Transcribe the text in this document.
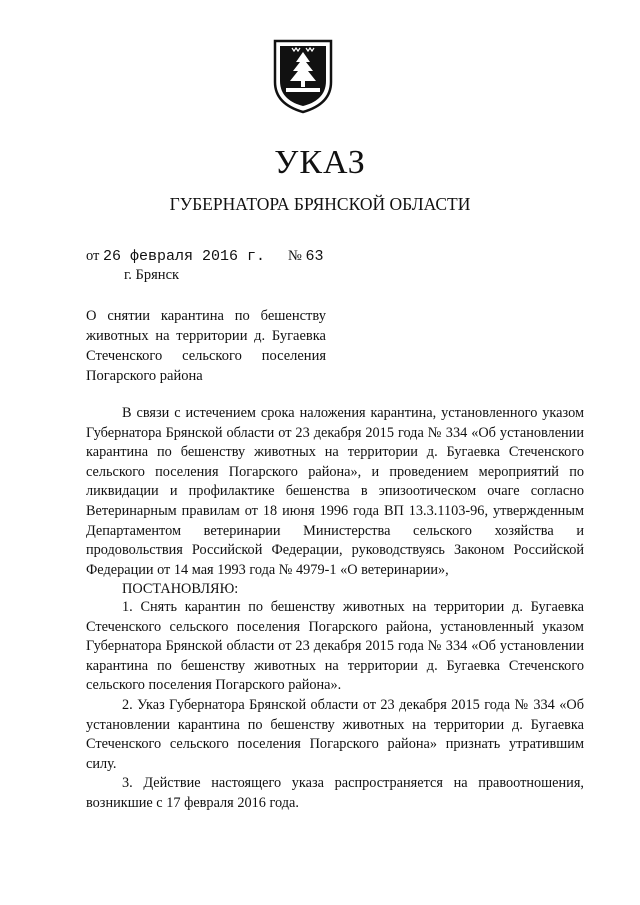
УКАЗ
ГУБЕРНАТОРА БРЯНСКОЙ ОБЛАСТИ
от 26 февраля 2016 г. № 63
г. Брянск
О снятии карантина по бешенству животных на территории д. Бугаевка Стеченского сельского поселения Погарского района

В связи с истечением срока наложения карантина, установленного указом Губернатора Брянской области от 23 декабря 2015 года № 334 «Об установлении карантина по бешенству животных на территории д. Бугаевка Стеченского сельского поселения Погарского района», и проведением мероприятий по ликвидации и профилактике бешенства в эпизоотическом очаге согласно Ветеринарным правилам от 18 июня 1996 года ВП 13.3.1103-96, утвержденным Департаментом ветеринарии Министерства сельского хозяйства и продовольствия Российской Федерации, руководствуясь Законом Российской Федерации от 14 мая 1993 года № 4979-1 «О ветеринарии»,

ПОСТАНОВЛЯЮ:

1. Снять карантин по бешенству животных на территории д. Бугаевка Стеченского сельского поселения Погарского района, установленный указом Губернатора Брянской области от 23 декабря 2015 года № 334 «Об установлении карантина по бешенству животных на территории д. Бугаевка Стеченского сельского поселения Погарского района».

2. Указ Губернатора Брянской области от 23 декабря 2015 года № 334 «Об установлении карантина по бешенству животных на территории д. Бугаевка Стеченского сельского поселения Погарского района» признать утратившим силу.

3. Действие настоящего указа распространяется на правоотношения, возникшие с 17 февраля 2016 года.
